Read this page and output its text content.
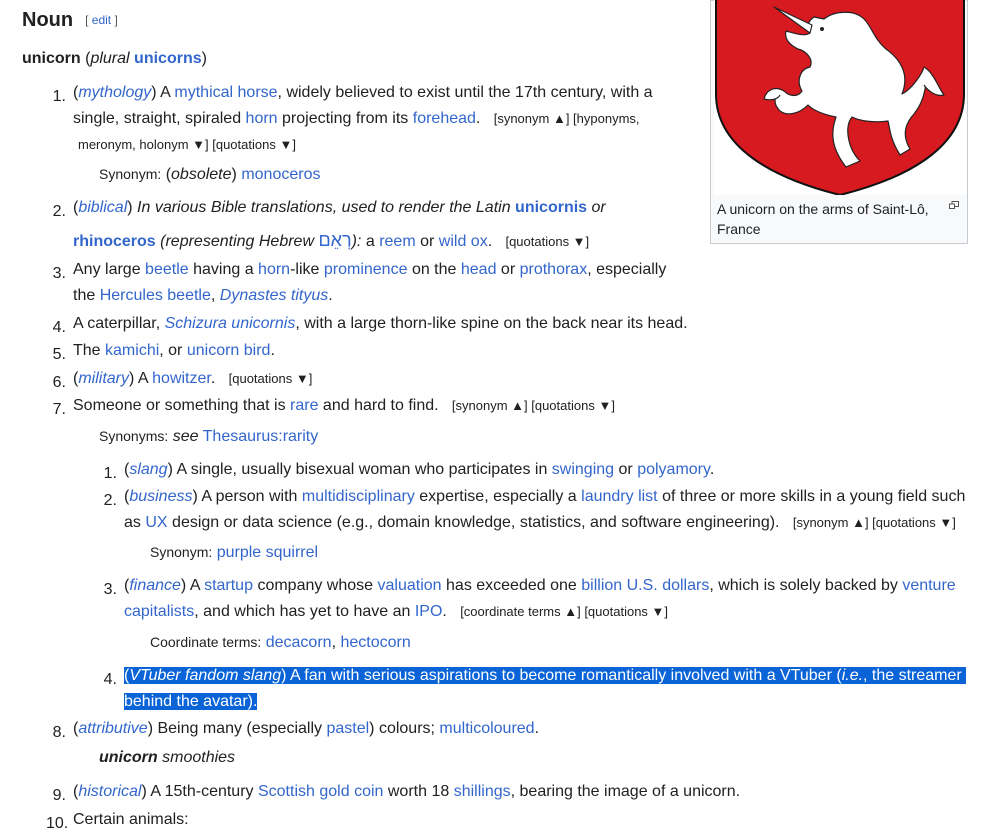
Noun [ edit ]
unicorn (plural unicorns)
A unicorn on the arms of Saint-Lô, France
1. (mythology) A mythical horse, widely believed to exist until the 17th century, with a
single, straight, spiraled horn projecting from its forehead.   [synonym ▲] [hyponyms,
meronym, holonym ▼] [quotations ▼]
Synonym: (obsolete) monoceros
2. (biblical) In various Bible translations, used to render the Latin unicornis or
rhinoceros (representing Hebrew רְאֵם): a reem or wild ox.   [quotations ▼]
3. Any large beetle having a horn-like prominence on the head or prothorax, especially
the Hercules beetle, Dynastes tityus.
4. A caterpillar, Schizura unicornis, with a large thorn-like spine on the back near its head.
5. The kamichi, or unicorn bird.
6. (military) A howitzer.   [quotations ▼]
7. Someone or something that is rare and hard to find. [synonym ▲] [quotations ▼]
Synonyms: see Thesaurus:rarity
1. (slang) A single, usually bisexual woman who participates in swinging or polyamory.
2. (business) A person with multidisciplinary expertise, especially a laundry list of three or more skills in a young field such
as UX design or data science (e.g., domain knowledge, statistics, and software engineering). [synonym ▲] [quotations ▼]
Synonym: purple squirrel
3. (finance) A startup company whose valuation has exceeded one billion U.S. dollars, which is solely backed by venture
capitalists, and which has yet to have an IPO.   [coordinate terms ▲] [quotations ▼]
Coordinate terms: decacorn, hectocorn
4. (VTuber fandom slang) A fan with serious aspirations to become romantically involved with a VTuber (i.e., the streamer
behind the avatar).
8. (attributive) Being many (especially pastel) colours; multicoloured.
unicorn smoothies
9. (historical) A 15th-century Scottish gold coin worth 18 shillings, bearing the image of a unicorn.
10. Certain animals:
